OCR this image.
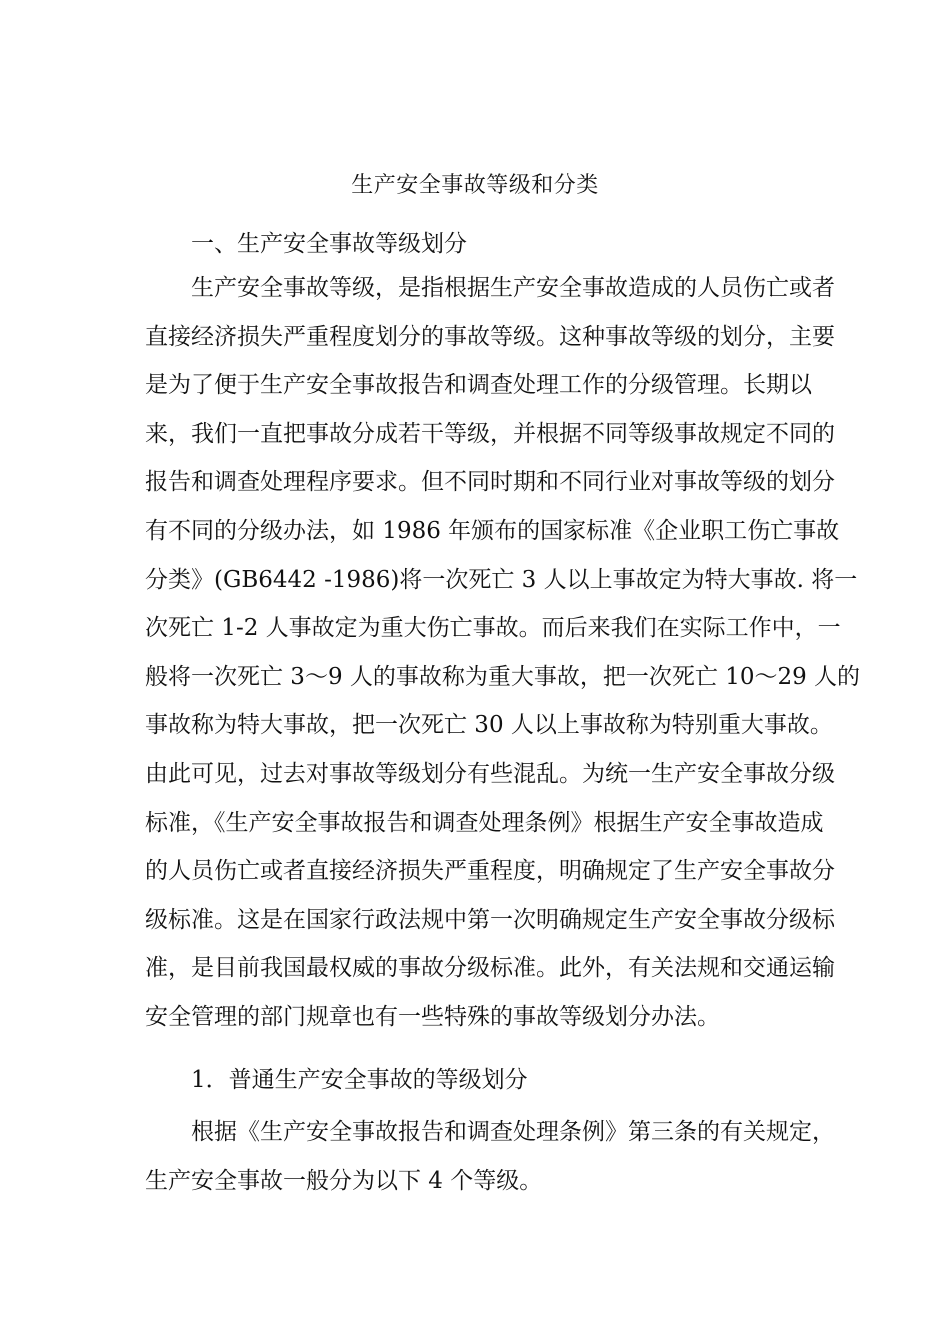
生产安全事故等级和分类
一、生产安全事故等级划分
生产安全事故等级，是指根据生产安全事故造成的人员伤亡或者
直接经济损失严重程度划分的事故等级。这种事故等级的划分，主要
是为了便于生产安全事故报告和调查处理工作的分级管理。长期以
来，我们一直把事故分成若干等级，并根据不同等级事故规定不同的
报告和调查处理程序要求。但不同时期和不同行业对事故等级的划分
有不同的分级办法，如 1986 年颁布的国家标准《企业职工伤亡事故
分类》(GB6442 -1986)将一次死亡 3 人以上事故定为特大事故. 将一
次死亡 1-2 人事故定为重大伤亡事故。而后来我们在实际工作中，一
般将一次死亡 3～9 人的事故称为重大事故，把一次死亡 10～29 人的
事故称为特大事故，把一次死亡 30 人以上事故称为特别重大事故。
由此可见，过去对事故等级划分有些混乱。为统一生产安全事故分级
标准，《生产安全事故报告和调查处理条例》根据生产安全事故造成
的人员伤亡或者直接经济损失严重程度，明确规定了生产安全事故分
级标准。这是在国家行政法规中第一次明确规定生产安全事故分级标
准，是目前我国最权威的事故分级标准。此外，有关法规和交通运输
安全管理的部门规章也有一些特殊的事故等级划分办法。
1．普通生产安全事故的等级划分
根据《生产安全事故报告和调查处理条例》第三条的有关规定，
生产安全事故一般分为以下 4 个等级。
